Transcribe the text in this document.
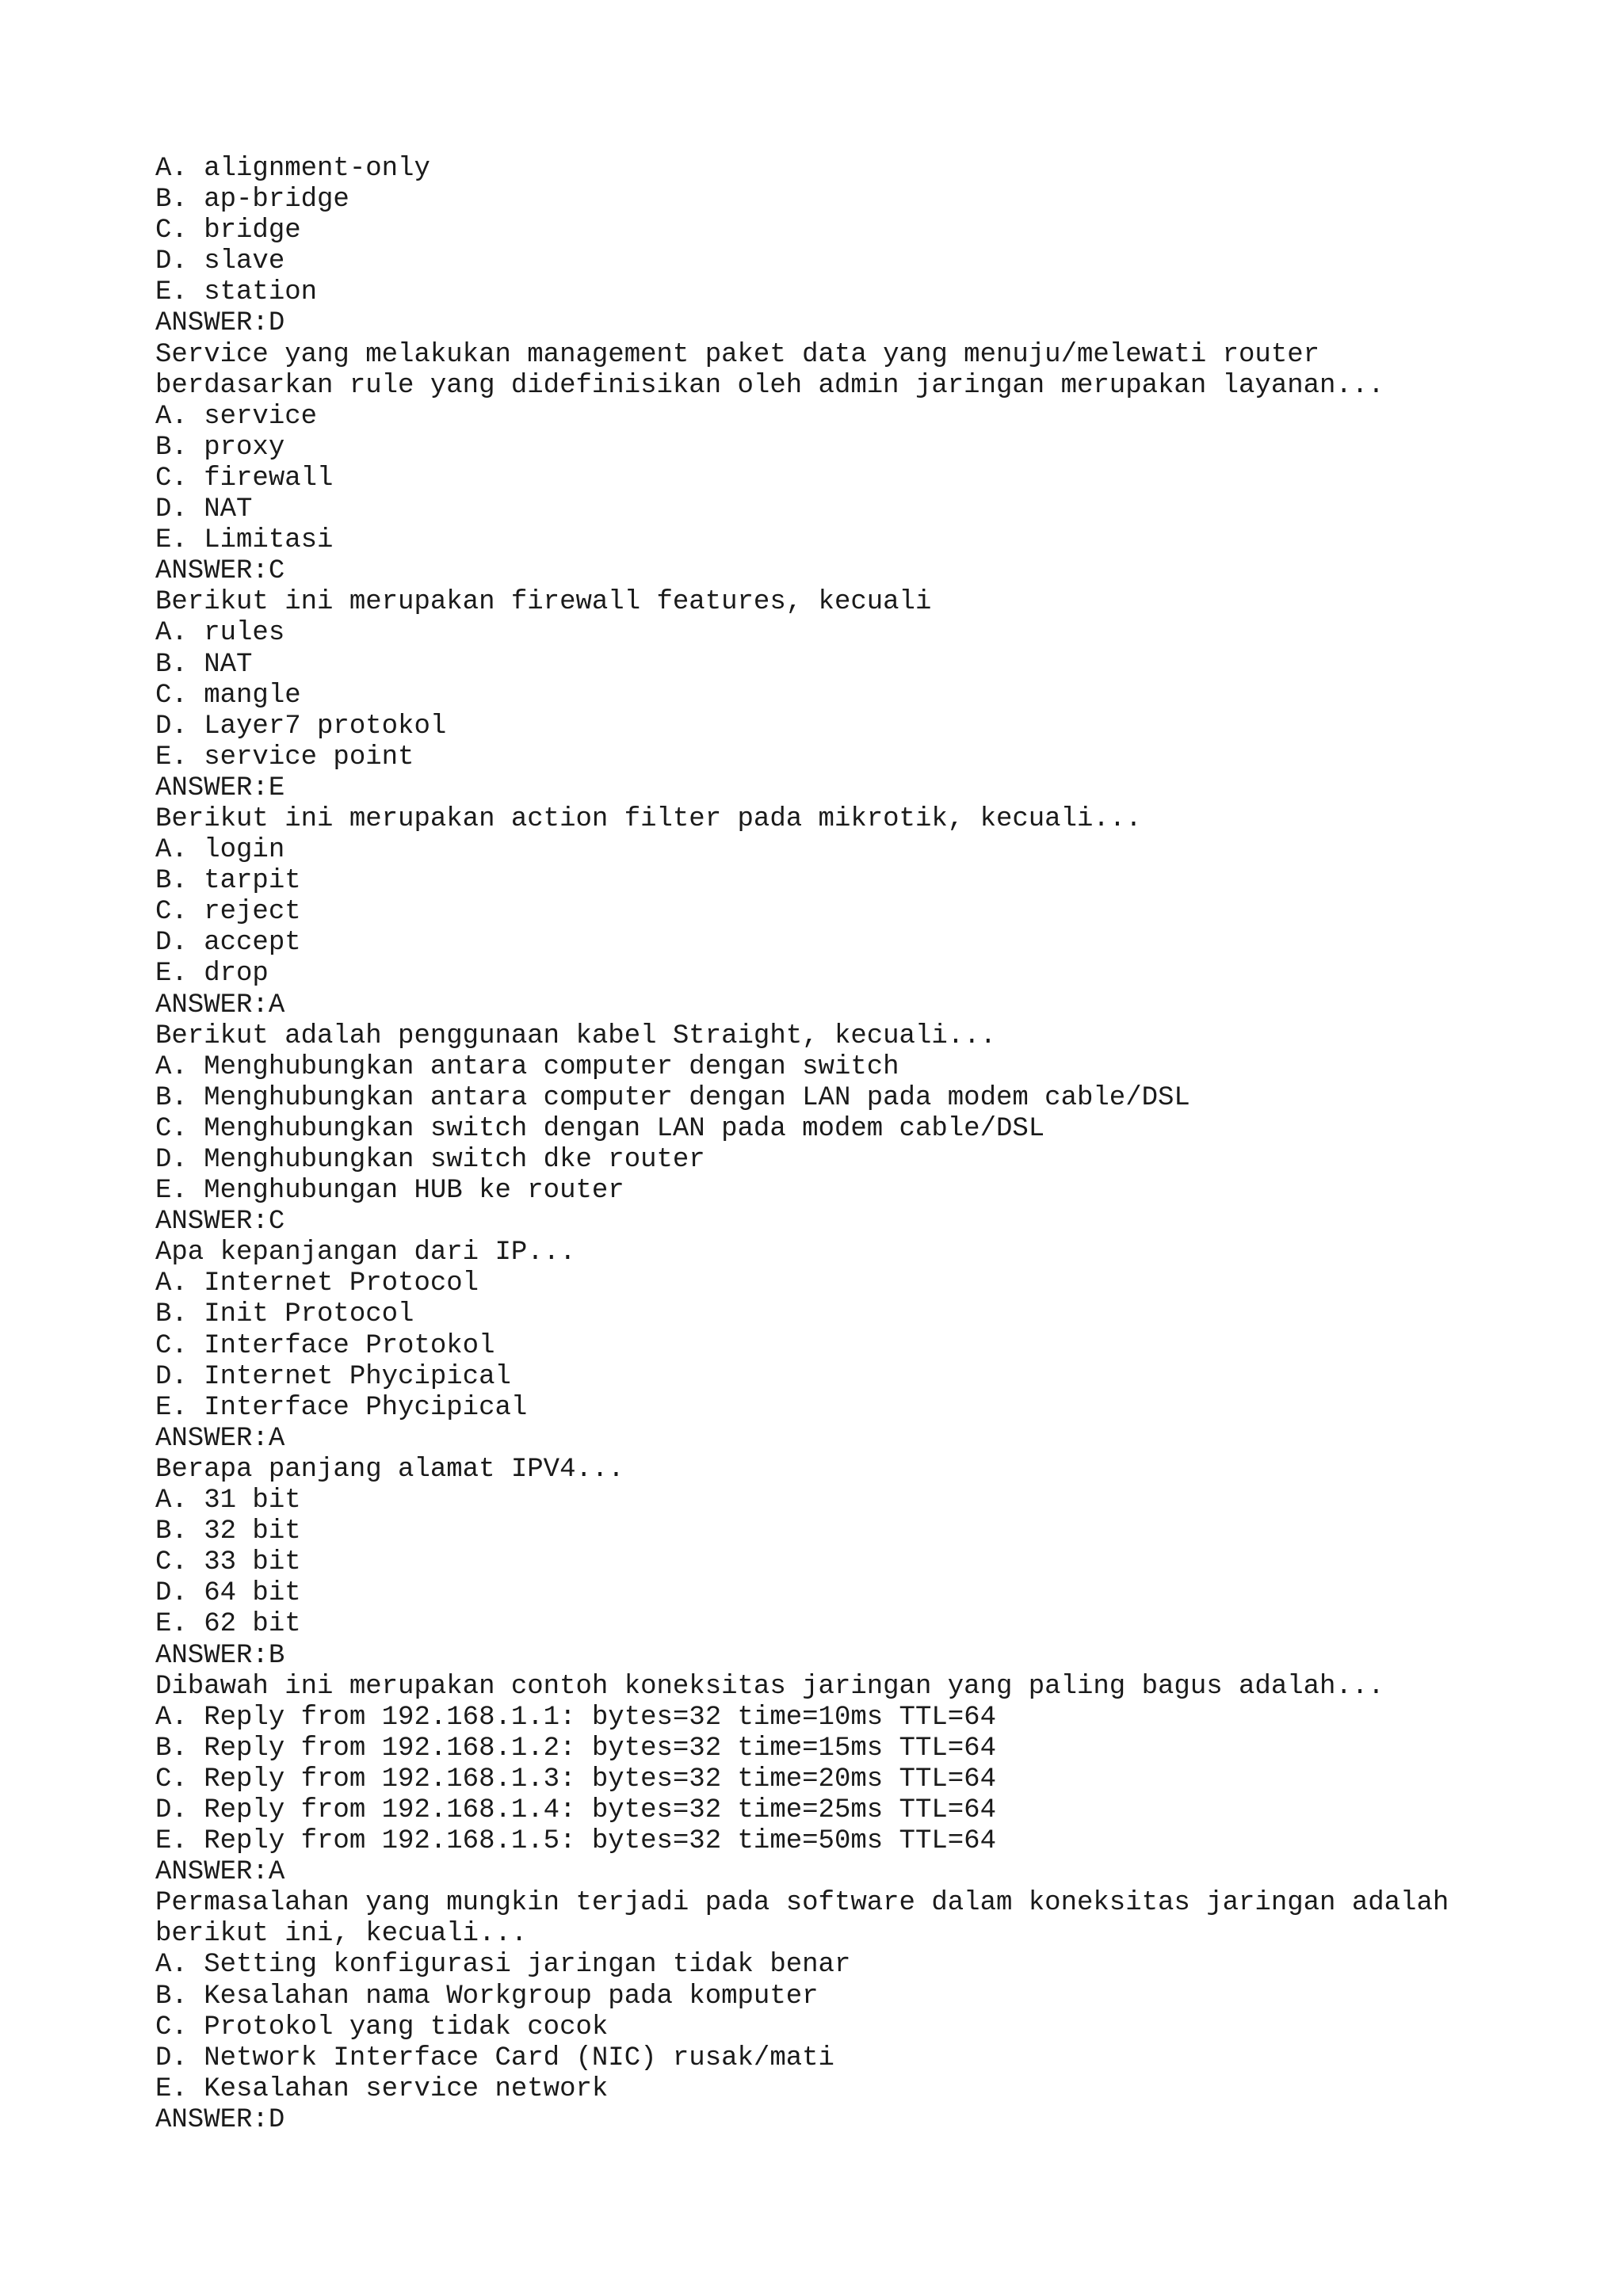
A. alignment-only
B. ap-bridge
C. bridge
D. slave
E. station
ANSWER:D
Service yang melakukan management paket data yang menuju/melewati router
berdasarkan rule yang didefinisikan oleh admin jaringan merupakan layanan...
A. service
B. proxy
C. firewall
D. NAT
E. Limitasi
ANSWER:C
Berikut ini merupakan firewall features, kecuali
A. rules
B. NAT
C. mangle
D. Layer7 protokol
E. service point
ANSWER:E
Berikut ini merupakan action filter pada mikrotik, kecuali...
A. login
B. tarpit
C. reject
D. accept
E. drop
ANSWER:A
Berikut adalah penggunaan kabel Straight, kecuali...
A. Menghubungkan antara computer dengan switch
B. Menghubungkan antara computer dengan LAN pada modem cable/DSL
C. Menghubungkan switch dengan LAN pada modem cable/DSL
D. Menghubungkan switch dke router
E. Menghubungan HUB ke router
ANSWER:C
Apa kepanjangan dari IP...
A. Internet Protocol
B. Init Protocol
C. Interface Protokol
D. Internet Phycipical
E. Interface Phycipical
ANSWER:A
Berapa panjang alamat IPV4...
A. 31 bit
B. 32 bit
C. 33 bit
D. 64 bit
E. 62 bit
ANSWER:B
Dibawah ini merupakan contoh koneksitas jaringan yang paling bagus adalah...
A. Reply from 192.168.1.1: bytes=32 time=10ms TTL=64
B. Reply from 192.168.1.2: bytes=32 time=15ms TTL=64
C. Reply from 192.168.1.3: bytes=32 time=20ms TTL=64
D. Reply from 192.168.1.4: bytes=32 time=25ms TTL=64
E. Reply from 192.168.1.5: bytes=32 time=50ms TTL=64
ANSWER:A
Permasalahan yang mungkin terjadi pada software dalam koneksitas jaringan adalah
berikut ini, kecuali...
A. Setting konfigurasi jaringan tidak benar
B. Kesalahan nama Workgroup pada komputer
C. Protokol yang tidak cocok
D. Network Interface Card (NIC) rusak/mati
E. Kesalahan service network
ANSWER:D
